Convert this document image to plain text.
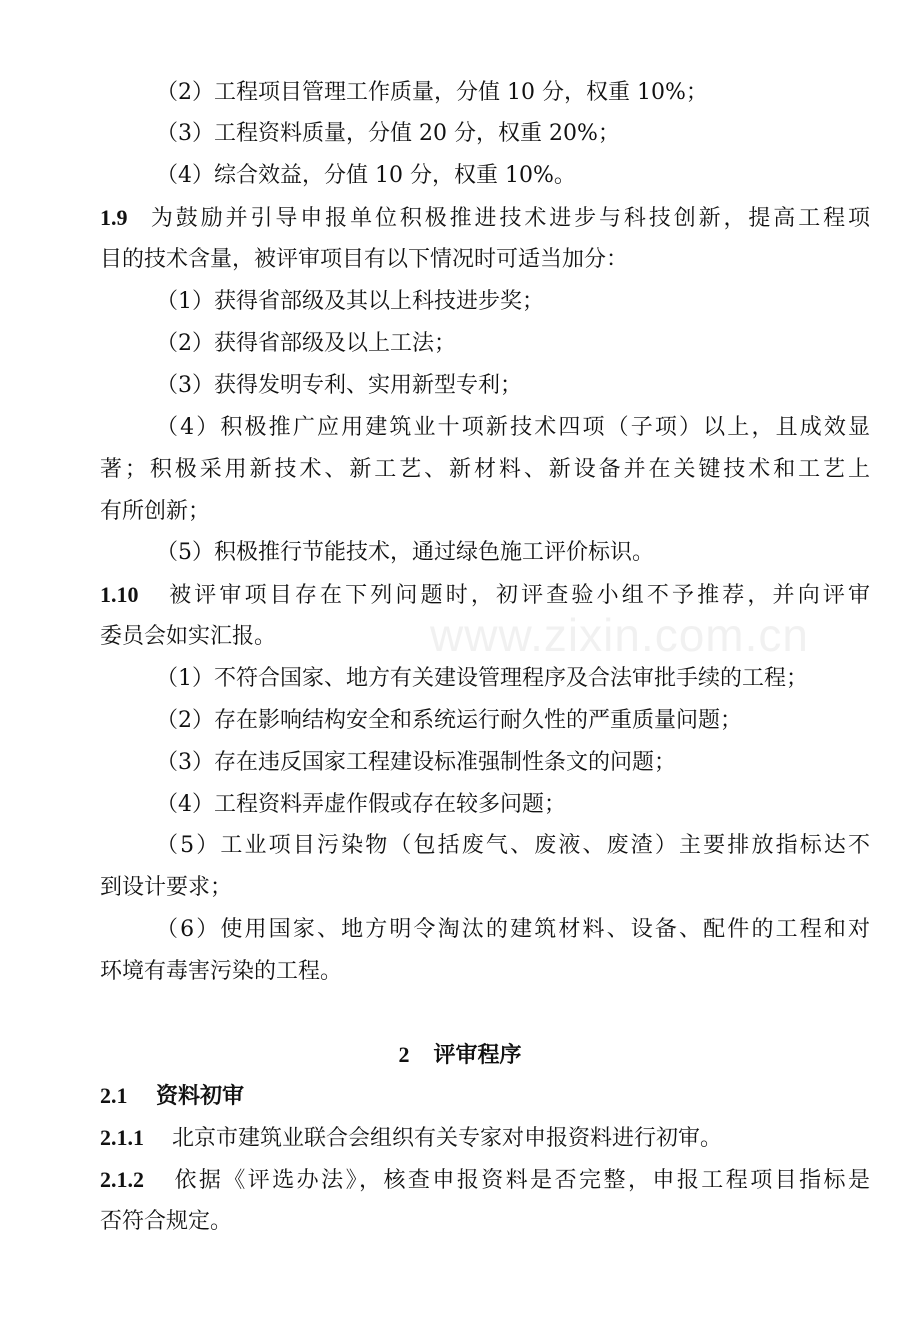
www.zixin.com.cn
（2）工程项目管理工作质量，分值 10 分，权重 10%；
（3）工程资料质量，分值 20 分，权重 20%；
（4）综合效益，分值 10 分，权重 10%。
1.9 为鼓励并引导申报单位积极推进技术进步与科技创新，提高工程项
目的技术含量，被评审项目有以下情况时可适当加分：
（1）获得省部级及其以上科技进步奖；
（2）获得省部级及以上工法；
（3）获得发明专利、实用新型专利；
（4）积极推广应用建筑业十项新技术四项（子项）以上，且成效显
著；积极采用新技术、新工艺、新材料、新设备并在关键技术和工艺上
有所创新；
（5）积极推行节能技术，通过绿色施工评价标识。
1.10 被评审项目存在下列问题时，初评查验小组不予推荐，并向评审
委员会如实汇报。
（1）不符合国家、地方有关建设管理程序及合法审批手续的工程；
（2）存在影响结构安全和系统运行耐久性的严重质量问题；
（3）存在违反国家工程建设标准强制性条文的问题；
（4）工程资料弄虚作假或存在较多问题；
（5）工业项目污染物（包括废气、废液、废渣）主要排放指标达不
到设计要求；
（6）使用国家、地方明令淘汰的建筑材料、设备、配件的工程和对
环境有毒害污染的工程。
2 评审程序
2.1 资料初审
2.1.1 北京市建筑业联合会组织有关专家对申报资料进行初审。
2.1.2 依据《评选办法》，核查申报资料是否完整，申报工程项目指标是
否符合规定。
